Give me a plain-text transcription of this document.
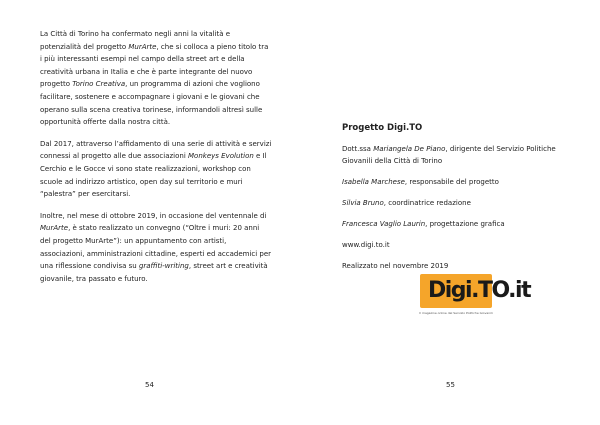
La Città di Torino ha confermato negli anni la vitalità e potenzialità del progetto MurArte, che si colloca a pieno titolo tra i più interessanti esempi nel campo della street art e della creatività urbana in Italia e che è parte integrante del nuovo progetto Torino Creativa, un programma di azioni che vogliono facilitare, sostenere e accompagnare i giovani e le giovani che operano sulla scena creativa torinese, informandoli altresì sulle opportunità offerte dalla nostra città.

Dal 2017, attraverso l’affidamento di una serie di attività e servizi connessi al progetto alle due associazioni Monkeys Evolution e Il Cerchio e le Gocce vi sono state realizzazioni, workshop con scuole ad indirizzo artistico, open day sul territorio e muri “palestra” per esercitarsi.

Inoltre, nel mese di ottobre 2019, in occasione del ventennale di MurArte, è stato realizzato un convegno (“Oltre i muri: 20 anni del progetto MurArte”): un appuntamento con artisti, associazioni, amministrazioni cittadine, esperti ed accademici per una riflessione condivisa su graffiti-writing, street art e creatività giovanile, tra passato e futuro.

54

Progetto Digi.TO

Dott.ssa Mariangela De Piano, dirigente del Servizio Politiche Giovanili della Città di Torino

Isabella Marchese, responsabile del progetto

Silvia Bruno, coordinatrice redazione

Francesca Vaglio Laurin, progettazione grafica

www.digi.to.it

Realizzato nel novembre 2019

Digi.TO.it
Il magazine online del Servizio Politiche Giovanili
55
